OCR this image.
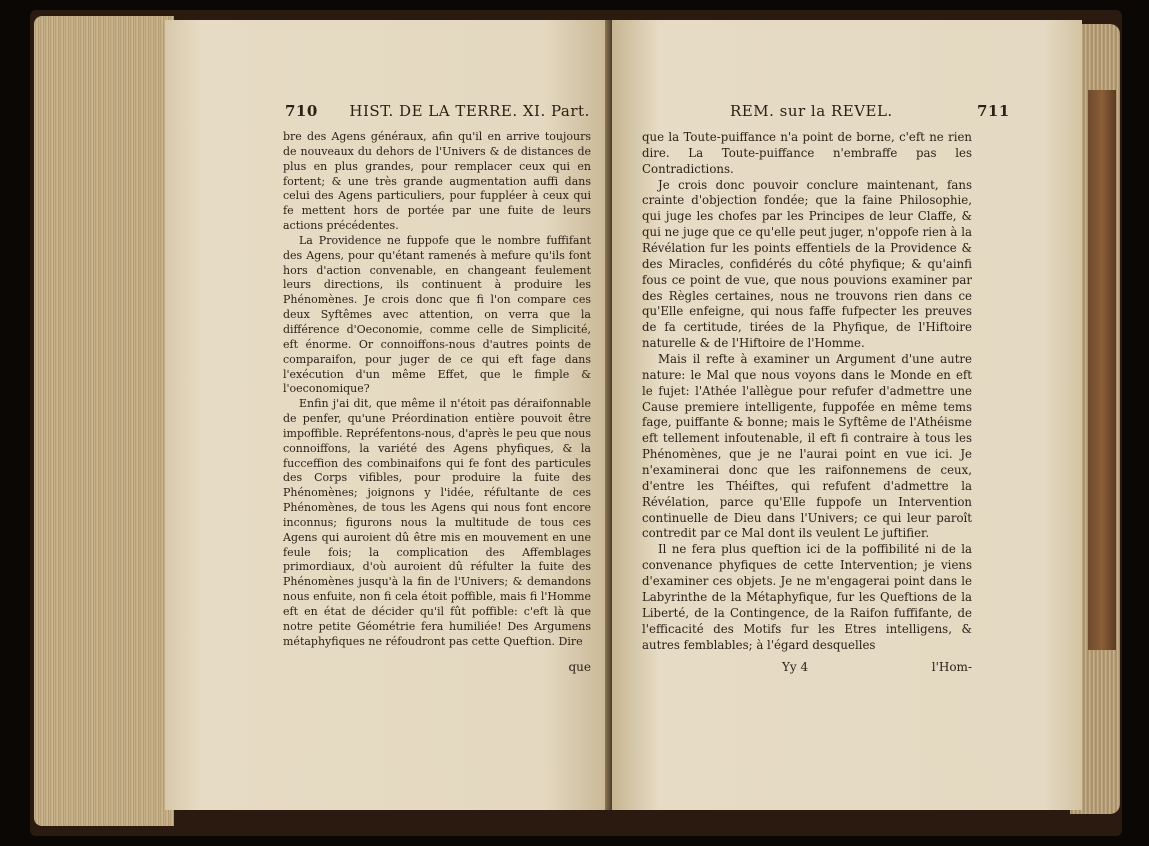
710 HIST. DE LA TERRE. XI. Part.

bre des Agens généraux, afin qu'il en arrive toujours de nouveaux du dehors de l'Univers & de distances de plus en plus grandes, pour remplacer ceux qui en fortent; & une très grande augmentation auffi dans celui des Agens particuliers, pour fuppléer à ceux qui fe mettent hors de portée par une fuite de leurs actions précédentes.

La Providence ne fuppofe que le nombre fuffifant des Agens, pour qu'étant ramenés à mefure qu'ils font hors d'action convenable, en changeant feulement leurs directions, ils continuent à produire les Phénomènes. Je crois donc que fi l'on compare ces deux Syftêmes avec attention, on verra que la différence d'Oeconomie, comme celle de Simplicité, eft énorme. Or connoiffons-nous d'autres points de comparaifon, pour juger de ce qui eft fage dans l'exécution d'un même Effet, que le fimple & l'oeconomique?

Enfin j'ai dit, que même il n'étoit pas déraifonnable de penfer, qu'une Préordination entière pouvoit être impoffible. Repréfentons-nous, d'après le peu que nous connoiffons, la variété des Agens phyfiques, & la fucceffion des combinaifons qui fe font des particules des Corps vifibles, pour produire la fuite des Phénomènes; joignons y l'idée, réfultante de ces Phénomènes, de tous les Agens qui nous font encore inconnus; figurons nous la multitude de tous ces Agens qui auroient dû être mis en mouvement en une feule fois; la complication des Affemblages primordiaux, d'où auroient dû réfulter la fuite des Phénomènes jusqu'à la fin de l'Univers; & demandons nous enfuite, non fi cela étoit poffible, mais fi l'Homme eft en état de décider qu'il fût poffible: c'eft là que notre petite Géométrie fera humiliée! Des Argumens métaphyfiques ne réfoudront pas cette Queftion. Dire

que
REM. sur la REVEL.	711

que la Toute-puiffance n'a point de borne, c'eft ne rien dire. La Toute-puiffance n'embraffe pas les Contradictions.

Je crois donc pouvoir conclure maintenant, fans crainte d'objection fondée; que la faine Philosophie, qui juge les chofes par les Principes de leur Claffe, & qui ne juge que ce qu'elle peut juger, n'oppofe rien à la Révélation fur les points effentiels de la Providence & des Miracles, confidérés du côté phyfique; & qu'ainfi fous ce point de vue, que nous pouvions examiner par des Règles certaines, nous ne trouvons rien dans ce qu'Elle enfeigne, qui nous faffe fufpecter les preuves de fa certitude, tirées de la Phyfique, de l'Hiftoire naturelle & de l'Hiftoire de l'Homme.

Mais il refte à examiner un Argument d'une autre nature: le Mal que nous voyons dans le Monde en eft le fujet: l'Athée l'allègue pour refufer d'admettre une Cause premiere intelligente, fuppofée en même tems fage, puiffante & bonne; mais le Syftême de l'Athéisme eft tellement infoutenable, il eft fi contraire à tous les Phénomènes, que je ne l'aurai point en vue ici. Je n'examinerai donc que les raifonnemens de ceux, d'entre les Théiftes, qui refufent d'admettre la Révélation, parce qu'Elle fuppofe un Intervention continuelle de Dieu dans l'Univers; ce qui leur paroît contredit par ce Mal dont ils veulent Le juftifier.

Il ne fera plus queftion ici de la poffibilité ni de la convenance phyfiques de cette Intervention; je viens d'examiner ces objets. Je ne m'engagerai point dans le Labyrinthe de la Métaphyfique, fur les Queftions de la Liberté, de la Contingence, de la Raifon fuffifante, de l'efficacité des Motifs fur les Etres intelligens, & autres femblables; à l'égard desquelles

Yy 4	l'Hom-
